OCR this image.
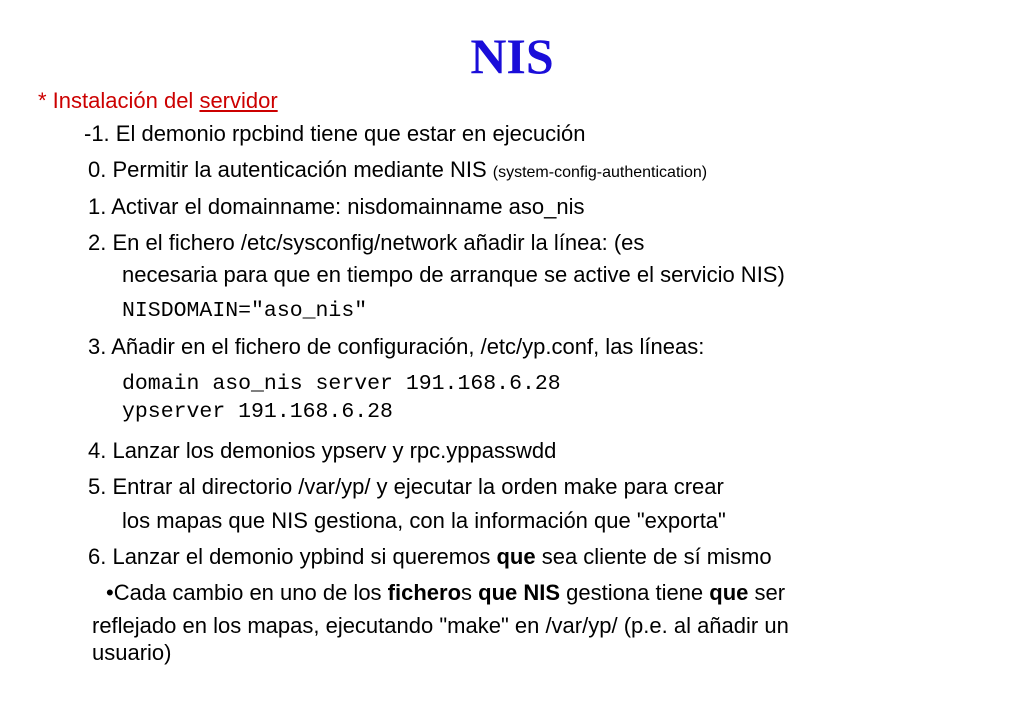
NIS
* Instalación del servidor
-1. El demonio rpcbind tiene que estar en ejecución
0. Permitir la autenticación mediante NIS (system-config-authentication)
1. Activar el domainname: nisdomainname aso_nis
2. En el fichero /etc/sysconfig/network añadir la línea: (es
necesaria para que en tiempo de arranque se active el servicio NIS)
NISDOMAIN="aso_nis"
3. Añadir en el fichero de configuración, /etc/yp.conf, las líneas:
domain aso_nis server 191.168.6.28
ypserver 191.168.6.28
4. Lanzar los demonios ypserv y rpc.yppasswdd
5. Entrar al directorio /var/yp/ y ejecutar la orden make para crear
los mapas que NIS gestiona, con la información que "exporta"
6. Lanzar el demonio ypbind si queremos que sea cliente de sí mismo
•Cada cambio en uno de los ficheros que NIS gestiona tiene que ser
reflejado en los mapas, ejecutando "make" en /var/yp/ (p.e. al añadir un
usuario)
